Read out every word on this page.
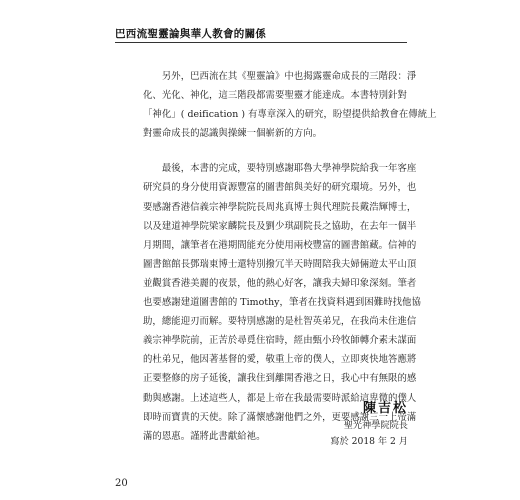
巴西流聖靈論與華人教會的關係
　　另外，巴西流在其《聖靈論》中也揭露靈命成長的三階段：淨
化、光化、神化，這三階段都需要聖靈才能達成。本書特別針對
「神化」( deification ) 有專章深入的研究，盼望提供給教會在傳統上
對靈命成長的認識與操練一個嶄新的方向。
　　最後，本書的完成，要特別感謝耶魯大學神學院給我一年客座
研究員的身分使用資源豐富的圖書館與美好的研究環境。另外，也
要感謝香港信義宗神學院院長周兆真博士與代理院長戴浩輝博士，
以及建道神學院梁家麟院長及劉少琪副院長之協助，在去年一個半
月期間，讓筆者在港期間能充分使用兩校豐富的圖書館藏。信神的
圖書館館長鄧瑞東博士還特別撥冗半天時間陪我夫婦倆遊太平山頂
並觀賞香港美麗的夜景，他的熱心好客，讓我夫婦印象深刻。筆者
也要感謝建道圖書館的 Timothy，筆者在找資料遇到困難時找他協
助，總能迎刃而解。要特別感謝的是杜智英弟兄，在我尚未住進信
義宗神學院前，正苦於尋覓住宿時，經由甄小玲牧師轉介素未謀面
的杜弟兄，他因著基督的愛，敬重上帝的僕人，立即爽快地答應將
正要整修的房子延後，讓我住到離開香港之日，我心中有無限的感
動與感謝。上述這些人，都是上帝在我最需要時派給這卑微的僕人
即時而寶貴的天使。除了滿懷感謝他們之外，更要感謝三一上帝滿
滿的恩惠。謹將此書獻給祂。
陳吉松
聖光神學院院長
寫於 2018 年 2 月
20
